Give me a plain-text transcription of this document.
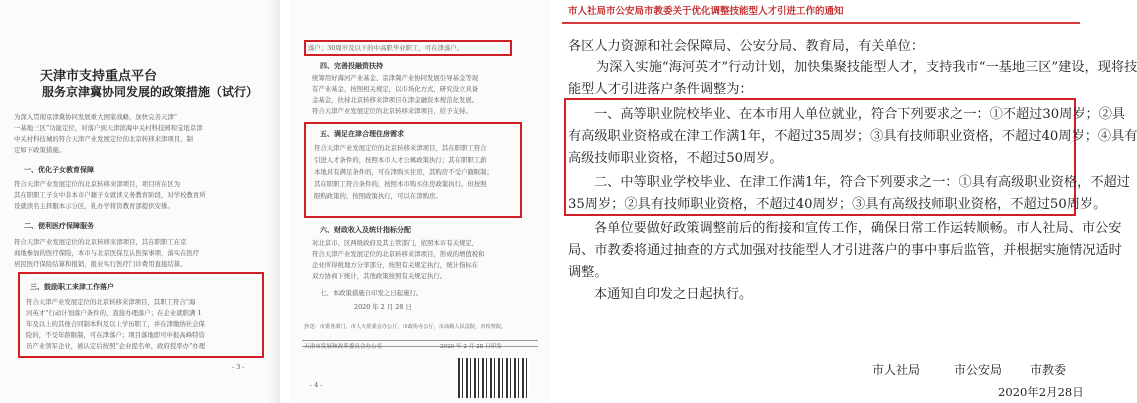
天津市支持重点平台
服务京津冀协同发展的政策措施（试行）
为深入贯彻京津冀协同发展重大国家战略，加快完善天津“
一基地三区”功能定位，对落户到天津滨海中关村科技园和宝坻京津
中关村科技城的符合天津产业发展定位的北京转移来津项目，制
定如下政策措施。
一、优化子女教育保障
符合天津产业发展定位的北京转移来津项目，项目所在区为
其在职职工子女中非本市户籍子女就读义务教育阶段，对学校教育所
设就读名主择服本示分区，乳办学将资教育部提供安排。
二、便利医疗保障服务
符合天津产业发展定位的北京转移来津项目，其在职职工在京
商地参加的医疗保险，本市与北京医保互认医保事项，落实在医疗
居民医疗保险结算和报销，报业实行医疗门诊费用直接结算。
三、鼓励职工来津工作落户
符合天津产业发展定位的北京转移来津项目，其职工符合“海
河英才”行动计划落户条件的，直接办理落户；在企业就职满 1
年及以上的其他合同制本科及以上学历职工，并在津缴纳社会保
险的，不受年龄限制，可在津落户；项目落地即可申报高峰特资
员产业领军企业，被认定后按照“企业提名单，政府授率办”办理
- 3 -
落户；30周岁及以下的中高职毕业职工，可在津落户。
四、完善投融资扶持
统筹用好海河产业基金、京津冀产业协同发展引导基金等现
有产业基金，按照相关规定，以市场化方式，研究设立具备
金基金，扶持北京转移来津项目在津金融资本规范化发展。
符合天津产业发展定位的北京转移来津项目，给予支持。
五、满足在津合理住房需求
符合天津产业发展定位的北京转移来津项目，其在职职工符合
引进人才条件的，按照本市人才公寓政策执行；其在职职工薪
本地具有满足条件的，可在津购买住房，其购房不受户籍限制；
其在职职工符合条件的，按照本市购买住房政策执行。但按照
限购政策的，按照政策执行，可以在津购房。
六、财政收入及统计指标分配
对北京市、区两级政府及其主管部门，依照本市有关规定，
符合天津产业发展定位的北京转移来津项目，形成的增值税和
企业所得税地方分享部分，按照有关规定执行，统计指标在
双方协商下统计，其他政策按照有关规定执行。
七、本政策措施自印发之日起施行。
2020 年 2 月 28 日
抄送：市委各部门，市人大常委会办公厅，市政协办公厅，市高级人民法院，市检察院。
天津市发展和改革委员会办公室	2020 年 2 月 28 日印发
- 4 -
市人社局市公安局市教委关于优化调整技能型人才引进工作的通知
各区人力资源和社会保障局、公安分局、教育局，有关单位：
为深入实施“海河英才”行动计划，加快集聚技能型人才，支持我市“一基地三区”建设，现将技
能型人才引进落户条件调整为：
一、高等职业院校毕业、在本市用人单位就业，符合下列要求之一：①不超过30周岁；②具
有高级职业资格或在津工作满1年，不超过35周岁；③具有技师职业资格，不超过40周岁；④具有
高级技师职业资格，不超过50周岁。
二、中等职业学校毕业、在津工作满1年，符合下列要求之一：①具有高级职业资格，不超过
35周岁；②具有技师职业资格，不超过40周岁；③具有高级技师职业资格，不超过50周岁。
各单位要做好政策调整前后的衔接和宣传工作，确保日常工作运转顺畅。市人社局、市公安
局、市教委将通过抽查的方式加强对技能型人才引进落户的事中事后监管，并根据实施情况适时
调整。
本通知自印发之日起执行。
市人社局	市公安局 市教委
2020年2月28日
